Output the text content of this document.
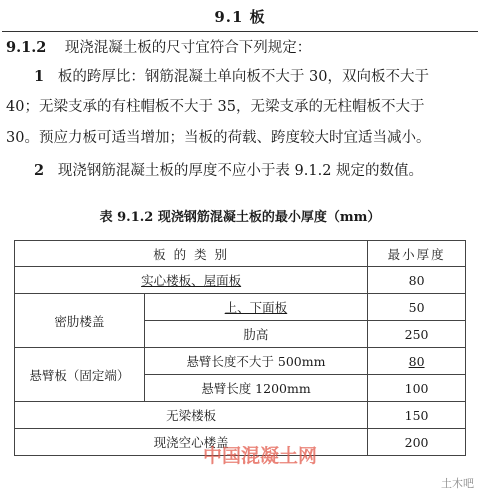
9.1 板
9.1.2 现浇混凝土板的尺寸宜符合下列规定：
1 板的跨厚比：钢筋混凝土单向板不大于 30，双向板不大于
40；无梁支承的有柱帽板不大于 35，无梁支承的无柱帽板不大于
30。预应力板可适当增加；当板的荷载、跨度较大时宜适当减小。
2 现浇钢筋混凝土板的厚度不应小于表 9.1.2 规定的数值。
表 9.1.2 现浇钢筋混凝土板的最小厚度（mm）
板 的 类 别		最小厚度
实心楼板、屋面板		80
密肋楼盖	上、下面板	50
	肋高	250
悬臂板（固定端）	悬臂长度不大于 500mm	80
	悬臂长度 1200mm	100
无梁楼板		150
现浇空心楼盖		200
中国混凝土网
土木吧
